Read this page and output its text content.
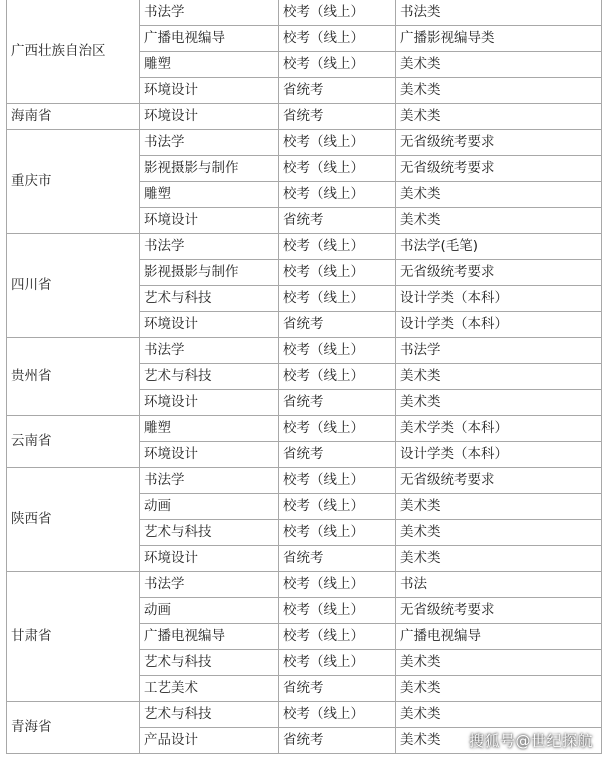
广西壮族自治区	书法学	校考（线上）	书法类
	广播电视编导	校考（线上）	广播影视编导类
	雕塑	校考（线上）	美术类
	环境设计	省统考	美术类
海南省	环境设计	省统考	美术类
重庆市	书法学	校考（线上）	无省级统考要求
	影视摄影与制作	校考（线上）	无省级统考要求
	雕塑	校考（线上）	美术类
	环境设计	省统考	美术类
四川省	书法学	校考（线上）	书法学(毛笔)
	影视摄影与制作	校考（线上）	无省级统考要求
	艺术与科技	校考（线上）	设计学类（本科）
	环境设计	省统考	设计学类（本科）
贵州省	书法学	校考（线上）	书法学
	艺术与科技	校考（线上）	美术类
	环境设计	省统考	美术类
云南省	雕塑	校考（线上）	美术学类（本科）
	环境设计	省统考	设计学类（本科）
陕西省	书法学	校考（线上）	无省级统考要求
	动画	校考（线上）	美术类
	艺术与科技	校考（线上）	美术类
	环境设计	省统考	美术类
甘肃省	书法学	校考（线上）	书法
	动画	校考（线上）	无省级统考要求
	广播电视编导	校考（线上）	广播电视编导
	艺术与科技	校考（线上）	美术类
	工艺美术	省统考	美术类
青海省	艺术与科技	校考（线上）	美术类
	产品设计	省统考	美术类 搜狐号@世纪探航
